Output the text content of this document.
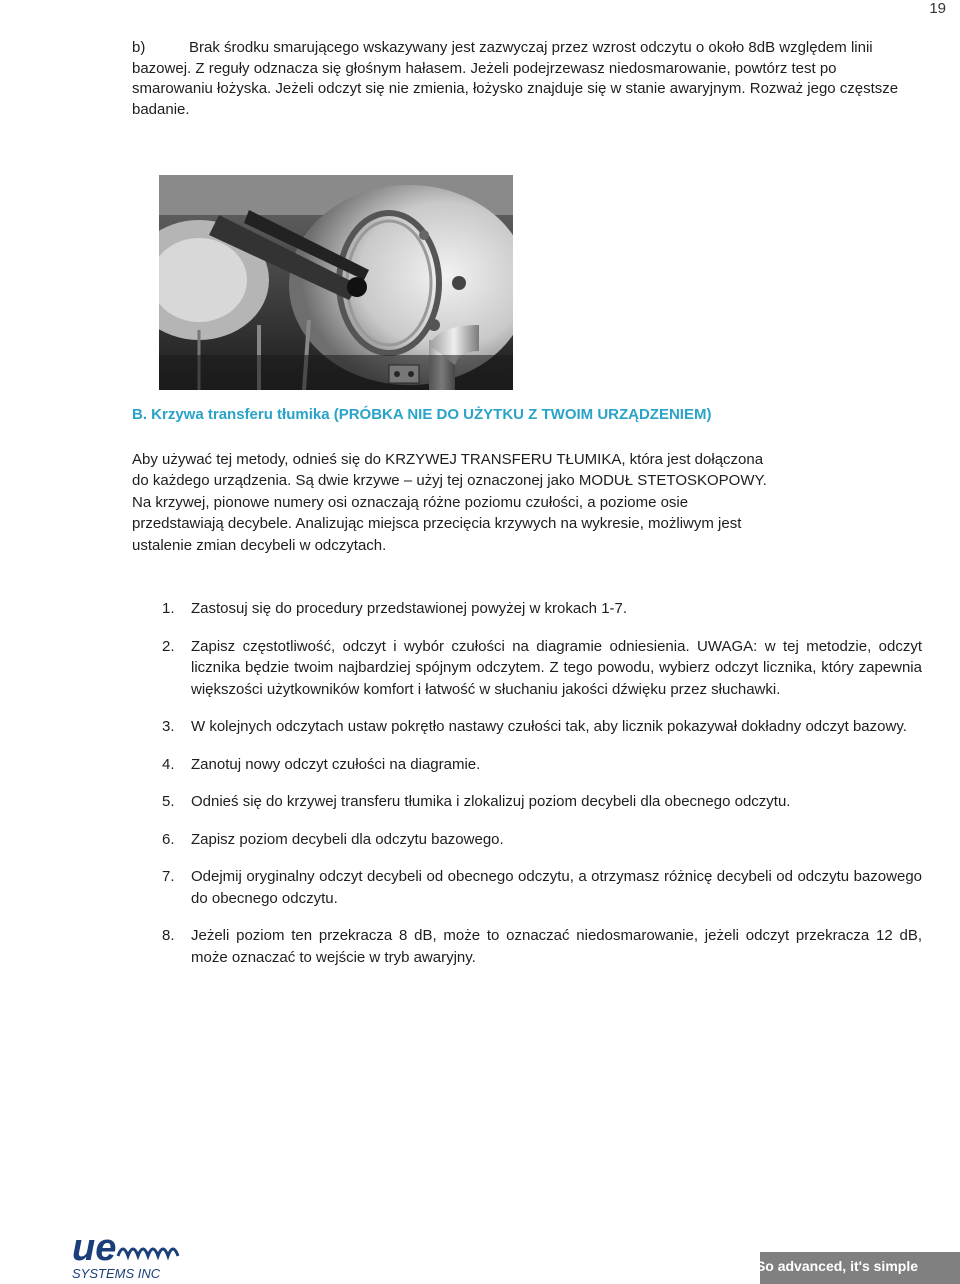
19
b)	Brak środku smarującego wskazywany jest zazwyczaj przez wzrost odczytu o około 8dB względem linii bazowej. Z reguły odznacza się głośnym hałasem. Jeżeli podejrzewasz niedosmarowanie, powtórz test po smarowaniu łożyska. Jeżeli odczyt się nie zmienia, łożysko znajduje się w stanie awaryjnym. Rozważ jego częstsze badanie.
B. Krzywa transferu tłumika (PRÓBKA NIE DO UŻYTKU Z TWOIM URZĄDZENIEM)
Aby używać tej metody, odnieś się do KRZYWEJ TRANSFERU TŁUMIKA, która jest dołączona do każdego urządzenia. Są dwie krzywe – użyj tej oznaczonej jako MODUŁ STETOSKOPOWY. Na krzywej, pionowe numery osi oznaczają różne poziomu czułości, a poziome osie przedstawiają decybele. Analizując miejsca przecięcia krzywych na wykresie, możliwym jest ustalenie zmian decybeli w odczytach.
1.	Zastosuj się do procedury przedstawionej powyżej w krokach 1-7.
2.	Zapisz częstotliwość, odczyt i wybór czułości na diagramie odniesienia. UWAGA: w tej metodzie, odczyt licznika będzie twoim najbardziej spójnym odczytem. Z tego powodu, wybierz odczyt licznika, który zapewnia większości użytkowników komfort i łatwość w słuchaniu jakości dźwięku przez słuchawki.
3.	W kolejnych odczytach ustaw pokrętło nastawy czułości tak, aby licznik pokazywał dokładny odczyt bazowy.
4.	Zanotuj nowy odczyt czułości na diagramie.
5.	Odnieś się do krzywej transferu tłumika i zlokalizuj poziom decybeli dla obecnego odczytu.
6.	Zapisz poziom decybeli dla odczytu bazowego.
7.	Odejmij oryginalny odczyt decybeli od obecnego odczytu, a otrzymasz różnicę decybeli od odczytu bazowego do obecnego odczytu.
8.	Jeżeli poziom ten przekracza 8 dB, może to oznaczać niedosmarowanie, jeżeli odczyt przekracza 12 dB, może oznaczać to wejście w tryb awaryjny.
ue
SYSTEMS INC	So advanced, it's simple
